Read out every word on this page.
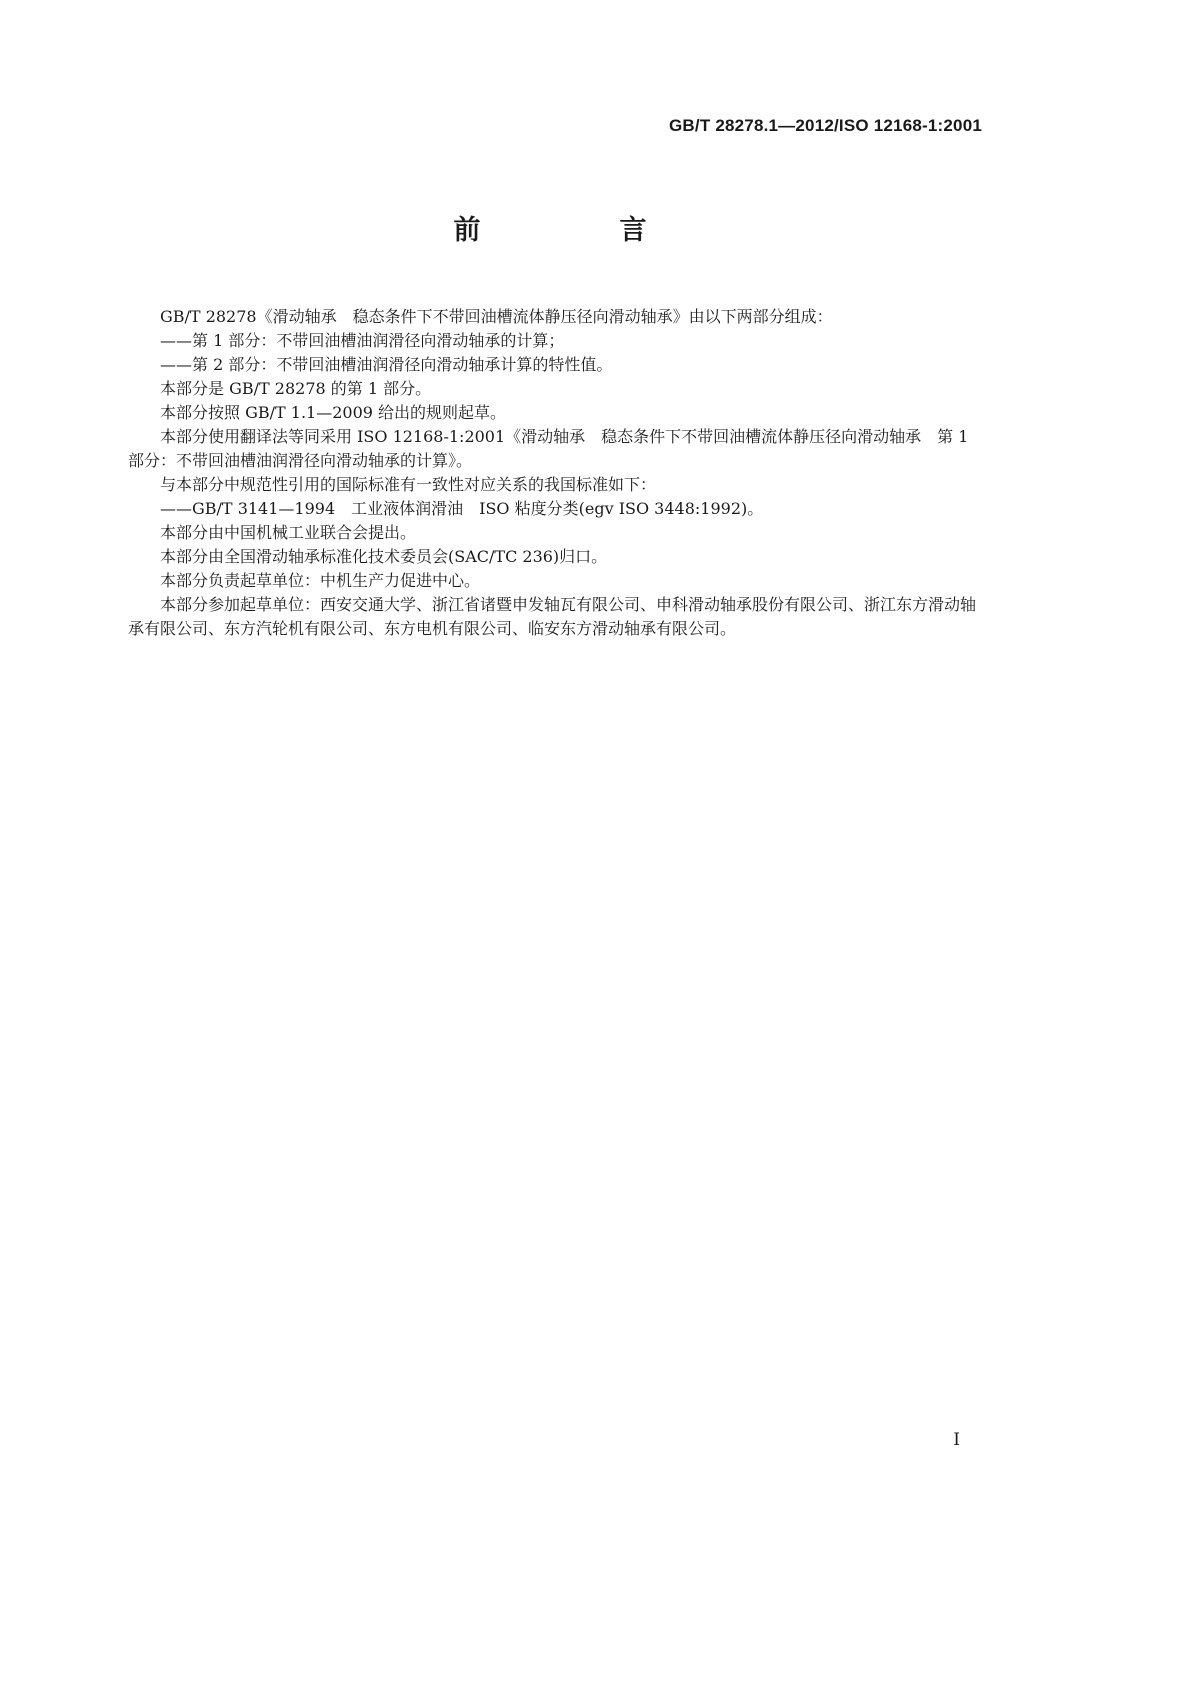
GB/T 28278.1—2012/ISO 12168-1:2001
前　言

GB/T 28278《滑动轴承　稳态条件下不带回油槽流体静压径向滑动轴承》由以下两部分组成：

——第 1 部分：不带回油槽油润滑径向滑动轴承的计算；

——第 2 部分：不带回油槽油润滑径向滑动轴承计算的特性值。

本部分是 GB/T 28278 的第 1 部分。

本部分按照 GB/T 1.1—2009 给出的规则起草。

本部分使用翻译法等同采用 ISO 12168-1:2001《滑动轴承　稳态条件下不带回油槽流体静压径向滑动轴承　第 1 部分：不带回油槽油润滑径向滑动轴承的计算》。

与本部分中规范性引用的国际标准有一致性对应关系的我国标准如下：

——GB/T 3141—1994　工业液体润滑油　ISO 粘度分类(egv ISO 3448:1992)。

本部分由中国机械工业联合会提出。

本部分由全国滑动轴承标准化技术委员会(SAC/TC 236)归口。

本部分负责起草单位：中机生产力促进中心。

本部分参加起草单位：西安交通大学、浙江省诸暨申发轴瓦有限公司、申科滑动轴承股份有限公司、浙江东方滑动轴承有限公司、东方汽轮机有限公司、东方电机有限公司、临安东方滑动轴承有限公司。

I
